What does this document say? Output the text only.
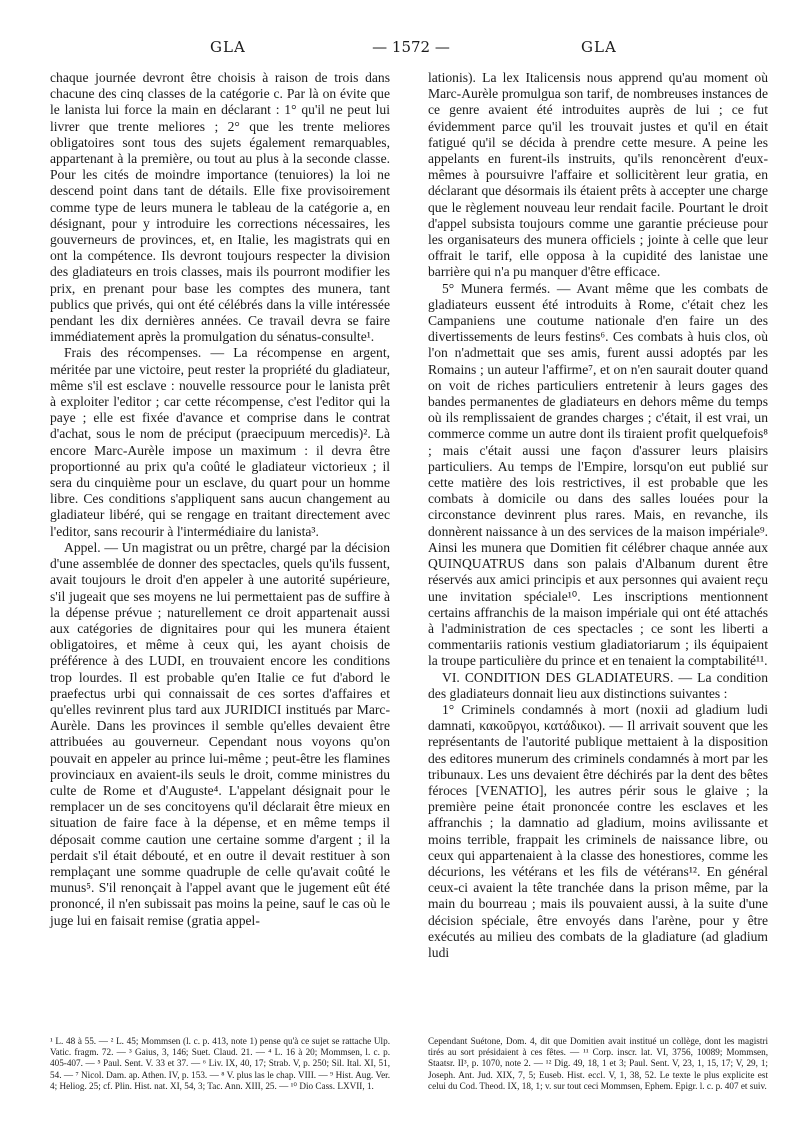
GLA	— 1572 —	GLA

chaque journée devront être choisis à raison de trois dans chacune des cinq classes de la catégorie c. Par là on évite que le lanista lui force la main en déclarant : 1° qu'il ne peut lui livrer que trente meliores ; 2° que les trente meliores obligatoires sont tous des sujets également remarquables, appartenant à la première, ou tout au plus à la seconde classe. Pour les cités de moindre importance (tenuiores) la loi ne descend point dans tant de détails. Elle fixe provisoirement comme type de leurs munera le tableau de la catégorie a, en désignant, pour y introduire les corrections nécessaires, les gouverneurs de provinces, et, en Italie, les magistrats qui en ont la compétence. Ils devront toujours respecter la division des gladiateurs en trois classes, mais ils pourront modifier les prix, en prenant pour base les comptes des munera, tant publics que privés, qui ont été célébrés dans la ville intéressée pendant les dix dernières années. Ce travail devra se faire immédiatement après la promulgation du sénatus-consulte¹.

Frais des récompenses. — La récompense en argent, méritée par une victoire, peut rester la propriété du gladiateur, même s'il est esclave : nouvelle ressource pour le lanista prêt à exploiter l'editor ; car cette récompense, c'est l'editor qui la paye ; elle est fixée d'avance et comprise dans le contrat d'achat, sous le nom de préciput (praecipuum mercedis)². Là encore Marc-Aurèle impose un maximum : il devra être proportionné au prix qu'a coûté le gladiateur victorieux ; il sera du cinquième pour un esclave, du quart pour un homme libre. Ces conditions s'appliquent sans aucun changement au gladiateur libéré, qui se rengage en traitant directement avec l'editor, sans recourir à l'intermédiaire du lanista³.

Appel. — Un magistrat ou un prêtre, chargé par la décision d'une assemblée de donner des spectacles, quels qu'ils fussent, avait toujours le droit d'en appeler à une autorité supérieure, s'il jugeait que ses moyens ne lui permettaient pas de suffire à la dépense prévue ; naturellement ce droit appartenait aussi aux catégories de dignitaires pour qui les munera étaient obligatoires, et même à ceux qui, les ayant choisis de préférence à des LUDI, en trouvaient encore les conditions trop lourdes. Il est probable qu'en Italie ce fut d'abord le praefectus urbi qui connaissait de ces sortes d'affaires et qu'elles revinrent plus tard aux JURIDICI institués par Marc-Aurèle. Dans les provinces il semble qu'elles devaient être attribuées au gouverneur. Cependant nous voyons qu'on pouvait en appeler au prince lui-même ; peut-être les flamines provinciaux en avaient-ils seuls le droit, comme ministres du culte de Rome et d'Auguste⁴. L'appelant désignait pour le remplacer un de ses concitoyens qu'il déclarait être mieux en situation de faire face à la dépense, et en même temps il déposait comme caution une certaine somme d'argent ; il la perdait s'il était débouté, et en outre il devait restituer à son remplaçant une somme quadruple de celle qu'avait coûté le munus⁵. S'il renonçait à l'appel avant que le jugement eût été prononcé, il n'en subissait pas moins la peine, sauf le cas où le juge lui en faisait remise (gratia appel-

lationis). La lex Italicensis nous apprend qu'au moment où Marc-Aurèle promulgua son tarif, de nombreuses instances de ce genre avaient été introduites auprès de lui ; ce fut évidemment parce qu'il les trouvait justes et qu'il en était fatigué qu'il se décida à prendre cette mesure. A peine les appelants en furent-ils instruits, qu'ils renoncèrent d'eux-mêmes à poursuivre l'affaire et sollicitèrent leur gratia, en déclarant que désormais ils étaient prêts à accepter une charge que le règlement nouveau leur rendait facile. Pourtant le droit d'appel subsista toujours comme une garantie précieuse pour les organisateurs des munera officiels ; jointe à celle que leur offrait le tarif, elle opposa à la cupidité des lanistae une barrière qui n'a pu manquer d'être efficace.

5° Munera fermés. — Avant même que les combats de gladiateurs eussent été introduits à Rome, c'était chez les Campaniens une coutume nationale d'en faire un des divertissements de leurs festins⁶. Ces combats à huis clos, où l'on n'admettait que ses amis, furent aussi adoptés par les Romains ; un auteur l'affirme⁷, et on n'en saurait douter quand on voit de riches particuliers entretenir à leurs gages des bandes permanentes de gladiateurs en dehors même du temps où ils remplissaient de grandes charges ; c'était, il est vrai, un commerce comme un autre dont ils tiraient profit quelquefois⁸ ; mais c'était aussi une façon d'assurer leurs plaisirs particuliers. Au temps de l'Empire, lorsqu'on eut publié sur cette matière des lois restrictives, il est probable que les combats à domicile ou dans des salles louées pour la circonstance devinrent plus rares. Mais, en revanche, ils donnèrent naissance à un des services de la maison impériale⁹. Ainsi les munera que Domitien fit célébrer chaque année aux QUINQUATRUS dans son palais d'Albanum durent être réservés aux amici principis et aux personnes qui avaient reçu une invitation spéciale¹⁰. Les inscriptions mentionnent certains affranchis de la maison impériale qui ont été attachés à l'administration de ces spectacles ; ce sont les liberti a commentariis rationis vestium gladiatoriarum ; ils équipaient la troupe particulière du prince et en tenaient la comptabilité¹¹.

VI. CONDITION DES GLADIATEURS. — La condition des gladiateurs donnait lieu aux distinctions suivantes :

1° Criminels condamnés à mort (noxii ad gladium ludi damnati, κακοῦργοι, κατάδικοι). — Il arrivait souvent que les représentants de l'autorité publique mettaient à la disposition des editores munerum des criminels condamnés à mort par les tribunaux. Les uns devaient être déchirés par la dent des bêtes féroces [VENATIO], les autres périr sous le glaive ; la première peine était prononcée contre les esclaves et les affranchis ; la damnatio ad gladium, moins avilissante et moins terrible, frappait les criminels de naissance libre, ou ceux qui appartenaient à la classe des honestiores, comme les décurions, les vétérans et les fils de vétérans¹². En général ceux-ci avaient la tête tranchée dans la prison même, par la main du bourreau ; mais ils pouvaient aussi, à la suite d'une décision spéciale, être envoyés dans l'arène, pour y être exécutés au milieu des combats de la gladiature (ad gladium ludi

¹ L. 48 à 55. — ² L. 45; Mommsen (l. c. p. 413, note 1) pense qu'à ce sujet se rattache Ulp. Vatic. fragm. 72. — ³ Gaius, 3, 146; Suet. Claud. 21. — ⁴ L. 16 à 20; Mommsen, l. c. p. 405-407. — ⁵ Paul. Sent. V. 33 et 37. — ⁶ Liv. IX, 40, 17; Strab. V, p. 250; Sil. Ital. XI, 51, 54. — ⁷ Nicol. Dam. ap. Athen. IV, p. 153. — ⁸ V. plus las le chap. VIII. — ⁹ Hist. Aug. Ver. 4; Heliog. 25; cf. Plin. Hist. nat. XI, 54, 3; Tac. Ann. XIII, 25. — ¹⁰ Dio Cass. LXVII, 1.
Cependant Suétone, Dom. 4, dit que Domitien avait institué un collège, dont les magistri tirés au sort présidaient à ces fêtes. — ¹¹ Corp. inscr. lat. VI, 3756, 10089; Mommsen, Staatsr. II³, p. 1070, note 2. — ¹² Dig. 49, 18, 1 et 3; Paul. Sent. V, 23, 1, 15, 17; V, 29, 1; Joseph. Ant. Jud. XIX, 7, 5; Euseb. Hist. eccl. V, 1, 38, 52. Le texte le plus explicite est celui du Cod. Theod. IX, 18, 1; v. sur tout ceci Mommsen, Ephem. Epigr. l. c. p. 407 et suiv.
